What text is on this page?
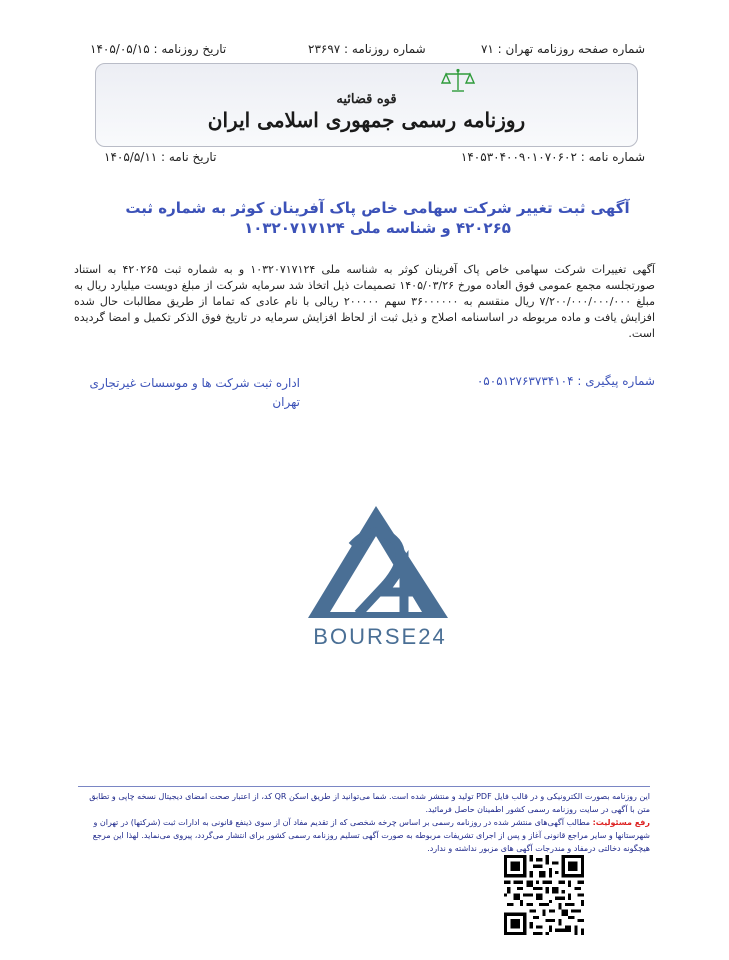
شماره صفحه روزنامه تهران : ۷۱
شماره روزنامه : ۲۳۶۹۷
تاریخ روزنامه : ۱۴۰۵/۰۵/۱۵
قوه قضائیه
روزنامه رسمی جمهوری اسلامی ایران
شماره نامه : ۱۴۰۵۳۰۴۰۰۹۰۱۰۷۰۶۰۲
تاریخ نامه : ۱۴۰۵/۵/۱۱
آگهی ثبت تغییر شرکت سهامی خاص پاک آفرینان کوثر به شماره ثبت ۴۲۰۲۶۵ و شناسه ملی ۱۰۳۲۰۷۱۷۱۲۴
آگهی تغییرات شرکت سهامی خاص پاک آفرینان کوثر به شناسه ملی ۱۰۳۲۰۷۱۷۱۲۴ و به شماره ثبت ۴۲۰۲۶۵ به استناد صورتجلسه مجمع عمومی فوق العاده مورخ ۱۴۰۵/۰۳/۲۶ تصمیمات ذیل اتخاذ شد سرمایه شرکت از مبلغ دویست میلیارد ریال به مبلغ ۷/۲۰۰/۰۰۰/۰۰۰/۰۰۰ ریال منقسم به ۳۶۰۰۰۰۰۰ سهم ۲۰۰۰۰۰ ریالی با نام عادی که تماما از طریق مطالبات حال شده افزایش یافت و ماده مربوطه در اساسنامه اصلاح و ذیل ثبت از لحاظ افزایش سرمایه در تاریخ فوق الذکر تکمیل و امضا گردیده است.
شماره پیگیری : ۰۵۰۵۱۲۷۶۳۷۳۴۱۰۴
اداره ثبت شرکت ها و موسسات غیرتجاری
تهران
BOURSE24
این روزنامه بصورت الکترونیکی و در قالب فایل PDF تولید و منتشر شده است. شما می‌توانید از طریق اسکن QR کد، از اعتبار صحت امضای دیجیتال نسخه چاپی و تطابق متن با آگهی در سایت روزنامه رسمی کشور اطمینان حاصل فرمائید.
رفع مسئولیت: مطالب آگهی‌های منتشر شده در روزنامه رسمی بر اساس چرخه شخصی که از تقدیم مفاد آن از سوی ذینفع قانونی به ادارات ثبت (شرکتها) در تهران و شهرستانها و سایر مراجع قانونی آغاز و پس از اجرای تشریفات مربوطه به صورت آگهی تسلیم روزنامه رسمی کشور برای انتشار می‌گردد، پیروی می‌نماید. لهذا این مرجع هیچگونه دخالتی درمفاد و مندرجات آگهی های مزبور نداشته و ندارد.
